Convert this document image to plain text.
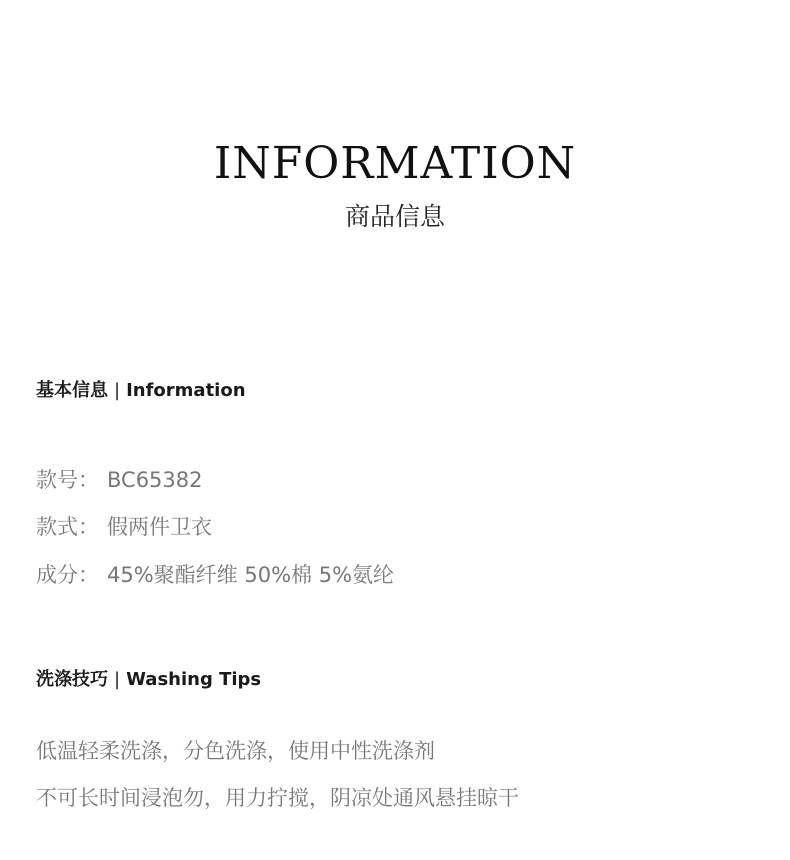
INFORMATION
商品信息
基本信息 | Information
款号： BC65382
款式： 假两件卫衣
成分： 45%聚酯纤维 50%棉 5%氨纶
洗涤技巧 | Washing Tips
低温轻柔洗涤，分色洗涤，使用中性洗涤剂
不可长时间浸泡勿，用力拧搅，阴凉处通风悬挂晾干
